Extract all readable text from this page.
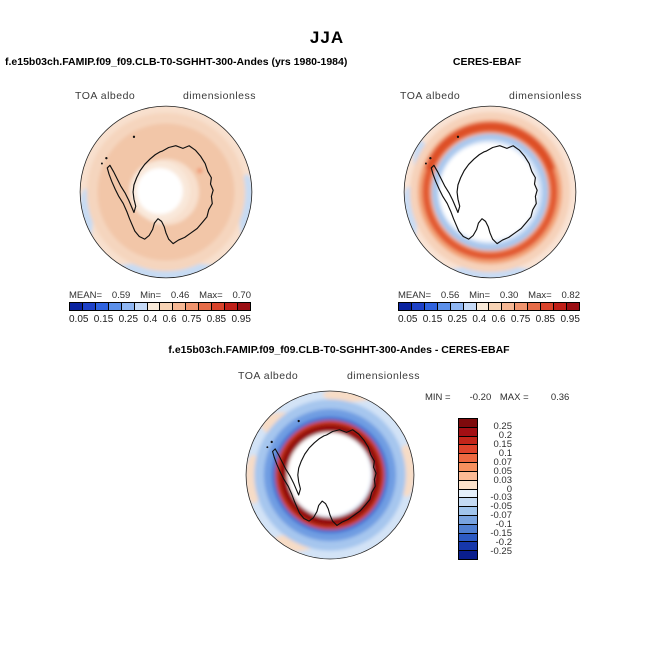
JJA
f.e15b03ch.FAMIP.f09_f09.CLB-T0-SGHHT-300-Andes (yrs 1980-1984)
TOA albedo	dimensionless
MEAN= 0.59 Min= 0.46 Max= 0.70
0.05 0.15 0.25 0.4 0.6 0.75 0.85 0.95
CERES-EBAF
TOA albedo	dimensionless
MEAN= 0.56 Min= 0.30 Max= 0.82
0.05 0.15 0.25 0.4 0.6 0.75 0.85 0.95
f.e15b03ch.FAMIP.f09_f09.CLB-T0-SGHHT-300-Andes - CERES-EBAF
TOA albedo	dimensionless
MIN = -0.20 MAX = 0.36
0.25
0.2
0.15
0.1
0.07
0.05
0.03
0
-0.03
-0.05
-0.07
-0.1
-0.15
-0.2
-0.25
